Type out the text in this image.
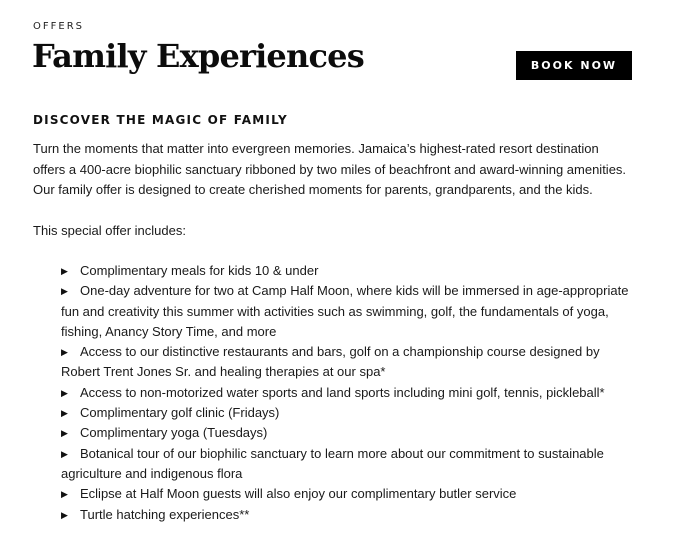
OFFERS

Family Experiences	BOOK NOW
DISCOVER THE MAGIC OF FAMILY

Turn the moments that matter into evergreen memories. Jamaica’s highest-rated resort destination offers a 400-acre biophilic sanctuary ribboned by two miles of beachfront and award-winning amenities. Our family offer is designed to create cherished moments for parents, grandparents, and the kids.

This special offer includes:

▶ Complimentary meals for kids 10 & under
▶ One-day adventure for two at Camp Half Moon, where kids will be immersed in age-appropriate fun and creativity this summer with activities such as swimming, golf, the fundamentals of yoga, fishing, Anancy Story Time, and more
▶ Access to our distinctive restaurants and bars, golf on a championship course designed by Robert Trent Jones Sr. and healing therapies at our spa*
▶ Access to non-motorized water sports and land sports including mini golf, tennis, pickleball*
▶ Complimentary golf clinic (Fridays)
▶ Complimentary yoga (Tuesdays)
▶ Botanical tour of our biophilic sanctuary to learn more about our commitment to sustainable agriculture and indigenous flora
▶ Eclipse at Half Moon guests will also enjoy our complimentary butler service
▶ Turtle hatching experiences**
